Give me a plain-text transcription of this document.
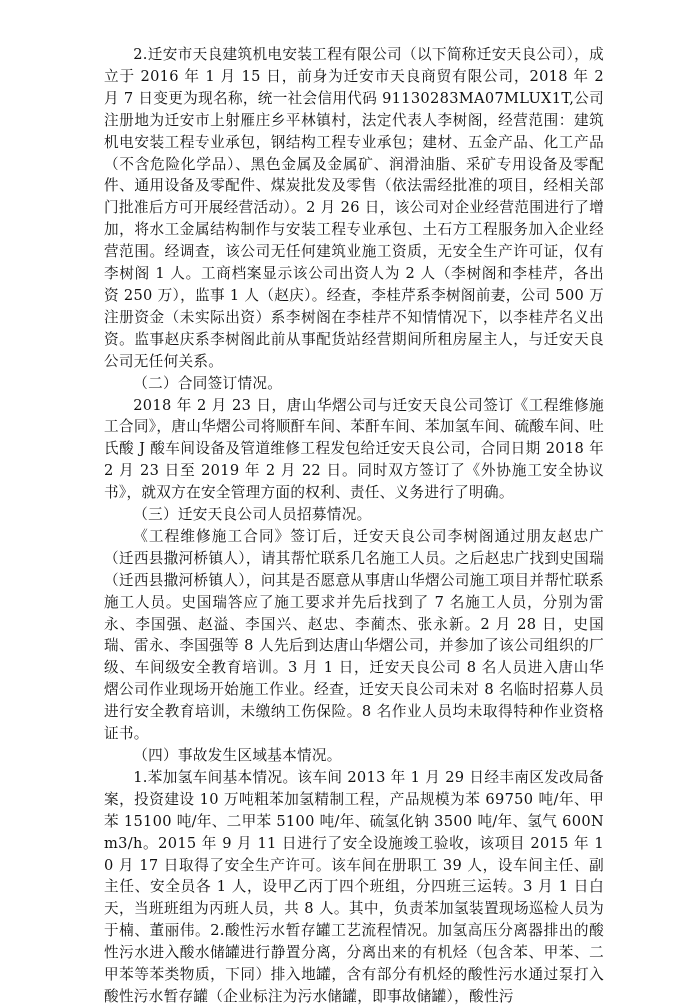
2.迁安市天良建筑机电安装工程有限公司（以下简称迁安天良公司），成立于 2016 年 1 月 15 日，前身为迁安市天良商贸有限公司，2018 年 2 月 7 日变更为现名称，统一社会信用代码 91130283MA07MLUX1T,公司注册地为迁安市上射雁庄乡平林镇村，法定代表人李树阁，经营范围：建筑机电安装工程专业承包，钢结构工程专业承包；建材、五金产品、化工产品（不含危险化学品）、黑色金属及金属矿、润滑油脂、采矿专用设备及零配件、通用设备及零配件、煤炭批发及零售（依法需经批准的项目，经相关部门批准后方可开展经营活动）。2 月 26 日，该公司对企业经营范围进行了增加，将水工金属结构制作与安装工程专业承包、土石方工程服务加入企业经营范围。经调查，该公司无任何建筑业施工资质，无安全生产许可证，仅有李树阁 1 人。工商档案显示该公司出资人为 2 人（李树阁和李桂芹，各出资 250 万），监事 1 人（赵庆）。经查，李桂芹系李树阁前妻，公司 500 万注册资金（未实际出资）系李树阁在李桂芹不知情情况下，以李桂芹名义出资。监事赵庆系李树阁此前从事配货站经营期间所租房屋主人，与迁安天良公司无任何关系。

（二）合同签订情况。

2018 年 2 月 23 日，唐山华熠公司与迁安天良公司签订《工程维修施工合同》，唐山华熠公司将顺酐车间、苯酐车间、苯加氢车间、硫酸车间、吐氏酸 J 酸车间设备及管道维修工程发包给迁安天良公司，合同日期 2018 年 2 月 23 日至 2019 年 2 月 22 日。同时双方签订了《外协施工安全协议书》，就双方在安全管理方面的权利、责任、义务进行了明确。

（三）迁安天良公司人员招募情况。

《工程维修施工合同》签订后，迁安天良公司李树阁通过朋友赵忠广（迁西县撒河桥镇人），请其帮忙联系几名施工人员。之后赵忠广找到史国瑞（迁西县撒河桥镇人），问其是否愿意从事唐山华熠公司施工项目并帮忙联系施工人员。史国瑞答应了施工要求并先后找到了 7 名施工人员，分别为雷永、李国强、赵溢、李国兴、赵忠、李蔺杰、张永新。2 月 28 日，史国瑞、雷永、李国强等 8 人先后到达唐山华熠公司，并参加了该公司组织的厂级、车间级安全教育培训。3 月 1 日，迁安天良公司 8 名人员进入唐山华熠公司作业现场开始施工作业。经查，迁安天良公司未对 8 名临时招募人员进行安全教育培训，未缴纳工伤保险。8 名作业人员均未取得特种作业资格证书。

（四）事故发生区域基本情况。

1.苯加氢车间基本情况。该车间 2013 年 1 月 29 日经丰南区发改局备案，投资建设 10 万吨粗苯加氢精制工程，产品规模为苯 69750 吨/年、甲苯 15100 吨/年、二甲苯 5100 吨/年、硫氢化钠 3500 吨/年、氢气 600Nm3/h。2015 年 9 月 11 日进行了安全设施竣工验收，该项目 2015 年 10 月 17 日取得了安全生产许可。该车间在册职工 39 人，设车间主任、副主任、安全员各 1 人，设甲乙丙丁四个班组，分四班三运转。3 月 1 日白天，当班班组为丙班人员，共 8 人。其中，负责苯加氢装置现场巡检人员为于楠、董丽伟。2.酸性污水暂存罐工艺流程情况。加氢高压分离器排出的酸性污水进入酸水储罐进行静置分离，分离出来的有机烃（包含苯、甲苯、二甲苯等苯类物质，下同）排入地罐，含有部分有机烃的酸性污水通过泵打入酸性污水暂存罐（企业标注为污水储罐，即事故储罐），酸性污
